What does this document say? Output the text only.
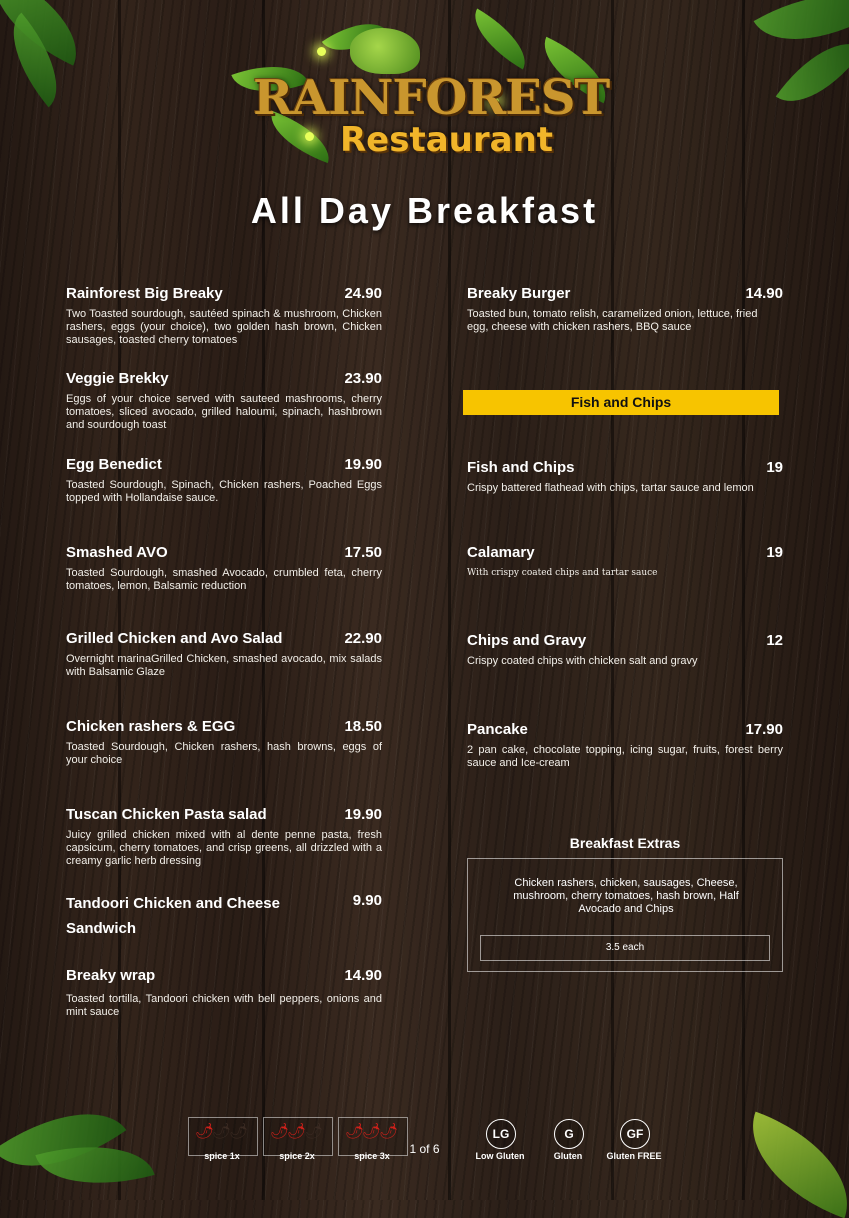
RAINFOREST
Restaurant
All Day Breakfast
Rainforest Big Breaky	24.90
Two Toasted sourdough, sautéed spinach & mushroom, Chicken rashers, eggs (your choice), two golden hash brown, Chicken sausages, toasted cherry tomatoes
Veggie Brekky	23.90
Eggs of your choice served with sauteed mashrooms, cherry tomatoes, sliced avocado, grilled haloumi, spinach, hashbrown and sourdough toast
Egg Benedict	19.90
Toasted Sourdough, Spinach, Chicken rashers, Poached Eggs topped with Hollandaise sauce.
Smashed AVO	17.50
Toasted Sourdough, smashed Avocado, crumbled feta, cherry tomatoes, lemon, Balsamic reduction
Grilled Chicken and Avo Salad	22.90
Overnight marinaGrilled Chicken, smashed avocado, mix salads with Balsamic Glaze
Chicken rashers & EGG	18.50
Toasted Sourdough, Chicken rashers, hash browns, eggs of your choice
Tuscan Chicken Pasta salad	19.90
Juicy grilled chicken mixed with al dente penne pasta, fresh capsicum, cherry tomatoes, and crisp greens, all drizzled with a creamy garlic herb dressing
Tandoori Chicken and Cheese Sandwich
9.90
Breaky wrap	14.90
Toasted tortilla, Tandoori chicken with bell peppers, onions and mint sauce
Breaky Burger	14.90
Toasted bun, tomato relish, caramelized onion, lettuce, fried egg, cheese with chicken rashers, BBQ sauce
Fish and Chips
Fish and Chips	19
Crispy battered flathead with chips, tartar sauce and lemon
Calamary	19
With crispy coated chips and tartar sauce
Chips and Gravy	12
Crispy coated chips with chicken salt and gravy
Pancake	17.90
2 pan cake, chocolate topping, icing sugar, fruits, forest berry sauce and Ice-cream
Breakfast Extras
Chicken rashers, chicken, sausages, Cheese, mushroom, cherry tomatoes, hash brown, Half Avocado and Chips
3.5 each
🌶🌶🌶
spice 1x
🌶🌶🌶
spice 2x
🌶🌶🌶
spice 3x
LG
Low Gluten
G
Gluten
GF
Gluten FREE
1 of 6
